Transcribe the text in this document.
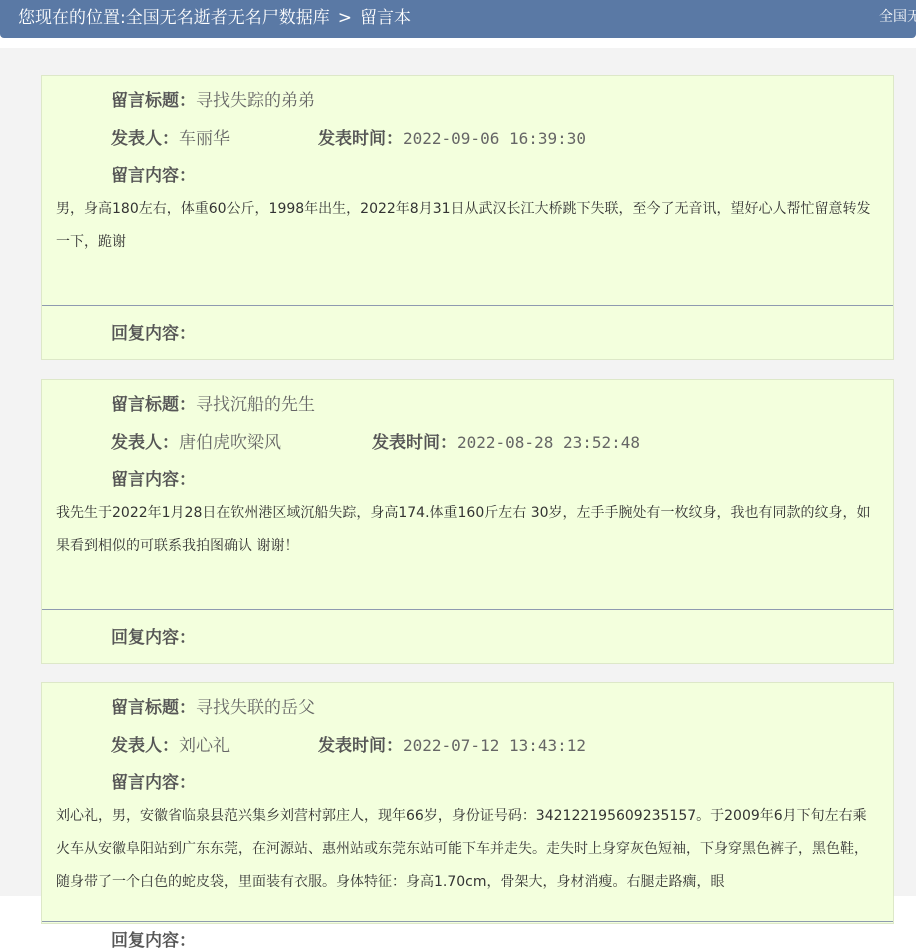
您现在的位置:全国无名逝者无名尸数据库 > 留言本	全国无
留言标题：寻找失踪的弟弟
发表人：车丽华	发表时间：2022-09-06 16:39:30
留言内容：
男，身高180左右，体重60公斤，1998年出生，2022年8月31日从武汉长江大桥跳下失联，至今了无音讯，望好心人帮忙留意转发一下，跪谢
回复内容：
留言标题：寻找沉船的先生
发表人：唐伯虎吹梁风	发表时间：2022-08-28 23:52:48
留言内容：
我先生于2022年1月28日在钦州港区域沉船失踪，身高174.体重160斤左右 30岁，左手手腕处有一枚纹身，我也有同款的纹身，如果看到相似的可联系我拍图确认 谢谢！
回复内容：
留言标题：寻找失联的岳父
发表人：刘心礼	发表时间：2022-07-12 13:43:12
留言内容：
刘心礼，男，安徽省临泉县范兴集乡刘营村郭庄人，现年66岁，身份证号码：342122195609235157。于2009年6月下旬左右乘火车从安徽阜阳站到广东东莞，在河源站、惠州站或东莞东站可能下车并走失。走失时上身穿灰色短袖，下身穿黑色裤子，黑色鞋，随身带了一个白色的蛇皮袋，里面装有衣服。身体特征：身高1.70cm，骨架大，身材消瘦。右腿走路瘸，眼
回复内容：
